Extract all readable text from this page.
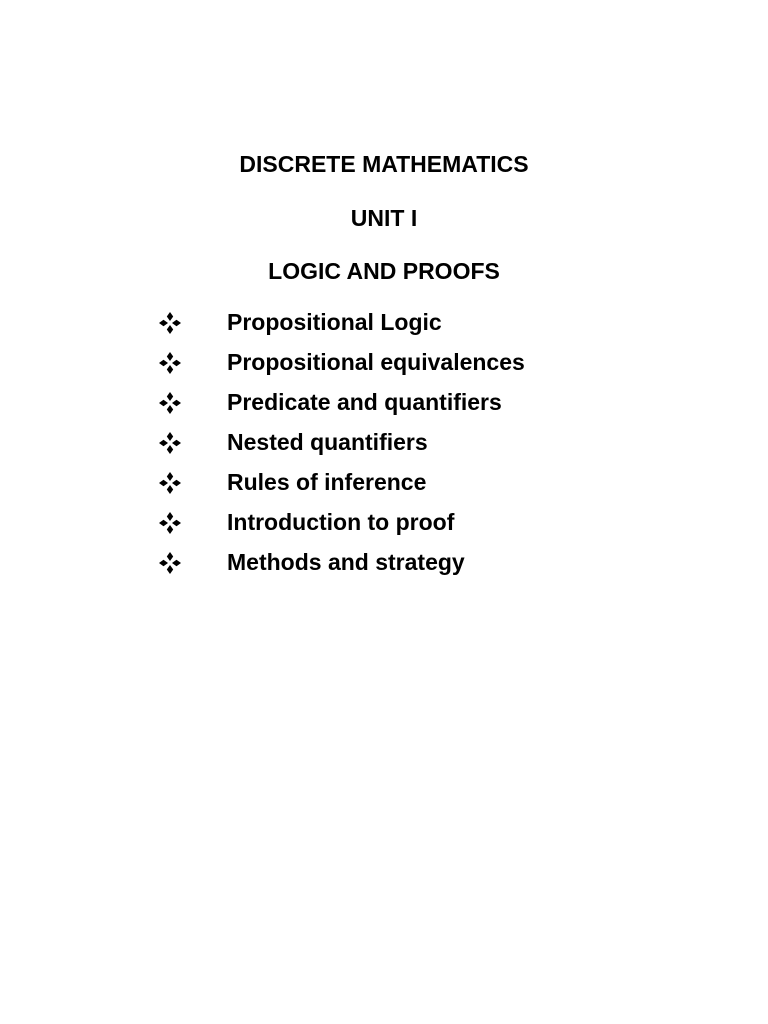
DISCRETE MATHEMATICS
UNIT I
LOGIC AND PROOFS
Propositional Logic
Propositional equivalences
Predicate and quantifiers
Nested quantifiers
Rules of inference
Introduction to proof
Methods and strategy
